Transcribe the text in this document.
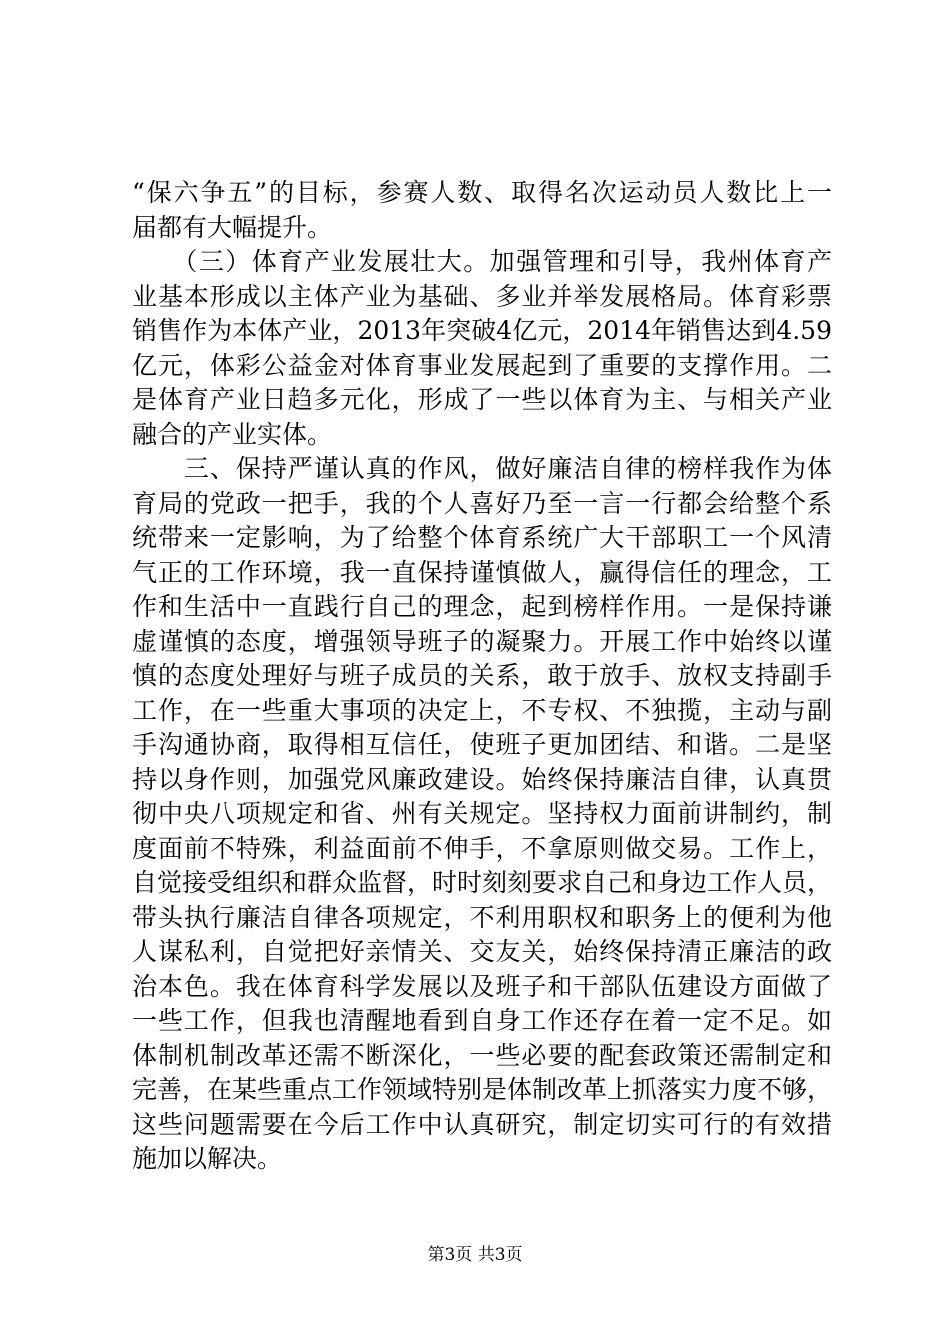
“保六争五”的目标，参赛人数、取得名次运动员人数比上一
届都有大幅提升。
　　（三）体育产业发展壮大。加强管理和引导，我州体育产
业基本形成以主体产业为基础、多业并举发展格局。体育彩票
销售作为本体产业，2013年突破4亿元，2014年销售达到4.59
亿元，体彩公益金对体育事业发展起到了重要的支撑作用。二
是体育产业日趋多元化，形成了一些以体育为主、与相关产业
融合的产业实体。
　　三、保持严谨认真的作风，做好廉洁自律的榜样我作为体
育局的党政一把手，我的个人喜好乃至一言一行都会给整个系
统带来一定影响，为了给整个体育系统广大干部职工一个风清
气正的工作环境，我一直保持谨慎做人，赢得信任的理念，工
作和生活中一直践行自己的理念，起到榜样作用。一是保持谦
虚谨慎的态度，增强领导班子的凝聚力。开展工作中始终以谨
慎的态度处理好与班子成员的关系，敢于放手、放权支持副手
工作，在一些重大事项的决定上，不专权、不独揽，主动与副
手沟通协商，取得相互信任，使班子更加团结、和谐。二是坚
持以身作则，加强党风廉政建设。始终保持廉洁自律，认真贯
彻中央八项规定和省、州有关规定。坚持权力面前讲制约，制
度面前不特殊，利益面前不伸手，不拿原则做交易。工作上，
自觉接受组织和群众监督，时时刻刻要求自己和身边工作人员，
带头执行廉洁自律各项规定，不利用职权和职务上的便利为他
人谋私利，自觉把好亲情关、交友关，始终保持清正廉洁的政
治本色。我在体育科学发展以及班子和干部队伍建设方面做了
一些工作，但我也清醒地看到自身工作还存在着一定不足。如
体制机制改革还需不断深化，一些必要的配套政策还需制定和
完善，在某些重点工作领域特别是体制改革上抓落实力度不够，
这些问题需要在今后工作中认真研究，制定切实可行的有效措
施加以解决。
第3页 共3页
